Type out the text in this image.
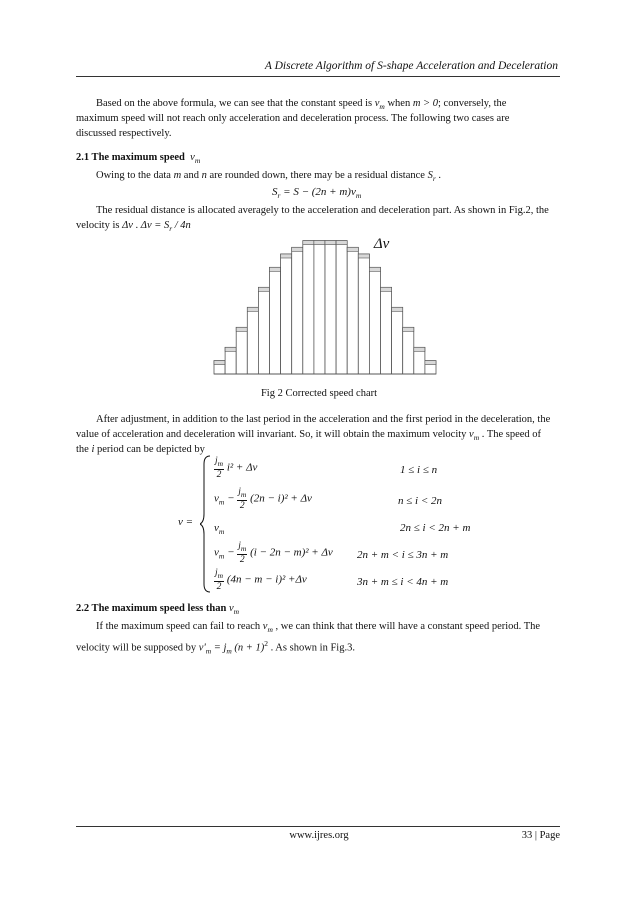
A Discrete Algorithm of S-shape Acceleration and Deceleration
Based on the above formula, we can see that the constant speed is $v_m$ when m > 0; conversely, the
maximum speed will not reach only acceleration and deceleration process. The following two cases are
discussed respectively.
2.1 The maximum speed $v_m$
Owing to the data m and n are rounded down, there may be a residual distance $S_r$ .
$S_r = S - (2n + m)v_m$
The residual distance is allocated averagely to the acceleration and deceleration part. As shown in Fig.2, the
velocity is Δv . $\Delta v = S_r / 4n$
Δv
Fig 2 Corrected speed chart
After adjustment, in addition to the last period in the acceleration and the first period in the deceleration, the
value of acceleration and deceleration will invariant. So, it will obtain the maximum velocity $v_m$ . The speed of
the i period can be depicted by
v =
$\frac{j_m}{2} i^2 + \Delta v$	1 ≤ i ≤ n
$v_m - \frac{j_m}{2} (2n - i)^2 + \Delta v$	n ≤ i < 2n
$v_m$	2n ≤ i < 2n + m
$v_m - \frac{j_m}{2} (i - 2n - m)^2 + \Delta v$ 2n + m < i ≤ 3n + m
$\frac{j_m}{2} (4n - m - i)^2 +\Delta v$	3n + m ≤ i < 4n + m
2.2 The maximum speed less than $v_m$
If the maximum speed can fail to reach $v_m$ , we can think that there will have a constant speed period. The
velocity will be supposed by $v'_m = j_m$ $(n + 1)^2$ . As shown in Fig.3.
www.ijres.org	33 | Page
